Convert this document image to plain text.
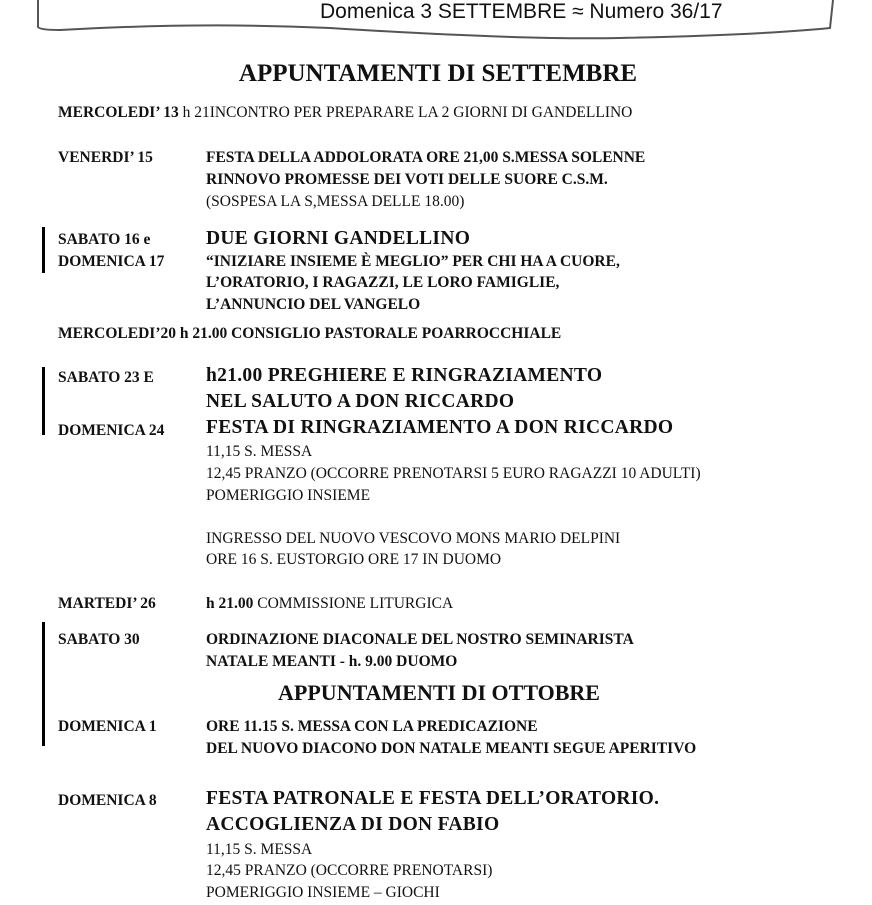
Domenica 3 SETTEMBRE ≈ Numero 36/17
APPUNTAMENTI DI SETTEMBRE
MERCOLEDI’ 13 h 21INCONTRO PER PREPARARE LA 2 GIORNI DI GANDELLINO
VENERDI’ 15	FESTA DELLA ADDOLORATA ORE 21,00 S.MESSA SOLENNE
RINNOVO PROMESSE DEI VOTI DELLE SUORE C.S.M.
(SOSPESA LA S,MESSA DELLE 18.00)
SABATO 16 e	DUE GIORNI GANDELLINO
DOMENICA 17	“INIZIARE INSIEME È MEGLIO” PER CHI HA A CUORE,
L’ORATORIO, I RAGAZZI, LE LORO FAMIGLIE,
L’ANNUNCIO DEL VANGELO
MERCOLEDI’20 h 21.00 CONSIGLIO PASTORALE POARROCCHIALE
SABATO 23 E	h21.00 PREGHIERE E RINGRAZIAMENTO
NEL SALUTO A DON RICCARDO
DOMENICA 24 FESTA DI RINGRAZIAMENTO A DON RICCARDO
11,15 S. MESSA
12,45 PRANZO (OCCORRE PRENOTARSI 5 EURO RAGAZZI 10 ADULTI)
POMERIGGIO INSIEME
INGRESSO DEL NUOVO VESCOVO MONS MARIO DELPINI
ORE 16 S. EUSTORGIO ORE 17 IN DUOMO
MARTEDI’ 26	h 21.00 COMMISSIONE LITURGICA
SABATO 30	ORDINAZIONE DIACONALE DEL NOSTRO SEMINARISTA
NATALE MEANTI - h. 9.00 DUOMO
APPUNTAMENTI DI OTTOBRE
DOMENICA 1	ORE 11.15 S. MESSA CON LA PREDICAZIONE
DEL NUOVO DIACONO DON NATALE MEANTI SEGUE APERITIVO
DOMENICA 8	FESTA PATRONALE E FESTA DELL’ORATORIO.
ACCOGLIENZA DI DON FABIO
11,15 S. MESSA
12,45 PRANZO (OCCORRE PRENOTARSI)
POMERIGGIO INSIEME – GIOCHI
